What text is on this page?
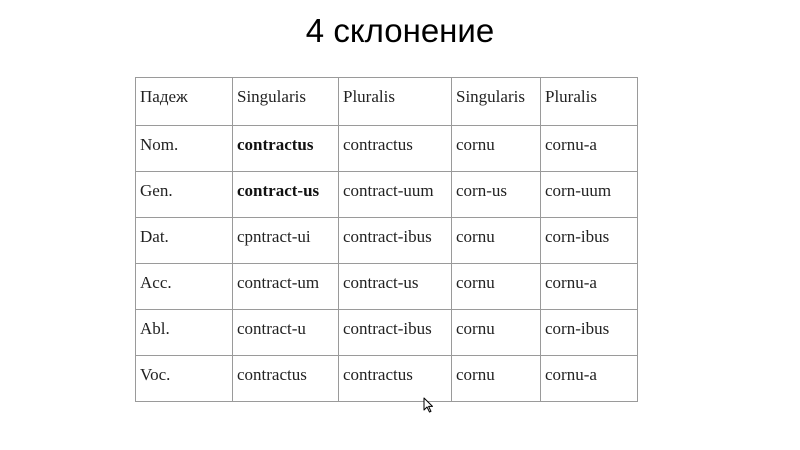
4 склонение
Падеж	Singularis	Pluralis	Singularis	Pluralis
Nom.	contractus	contractus	cornu	cornu-a
Gen.	contract-us	contract-uum	corn-us	corn-uum
Dat.	cpntract-ui	contract-ibus	cornu	corn-ibus
Acc.	contract-um	contract-us	cornu	cornu-a
Abl.	contract-u	contract-ibus	cornu	corn-ibus
Voc.	contractus	contractus	cornu	cornu-a
